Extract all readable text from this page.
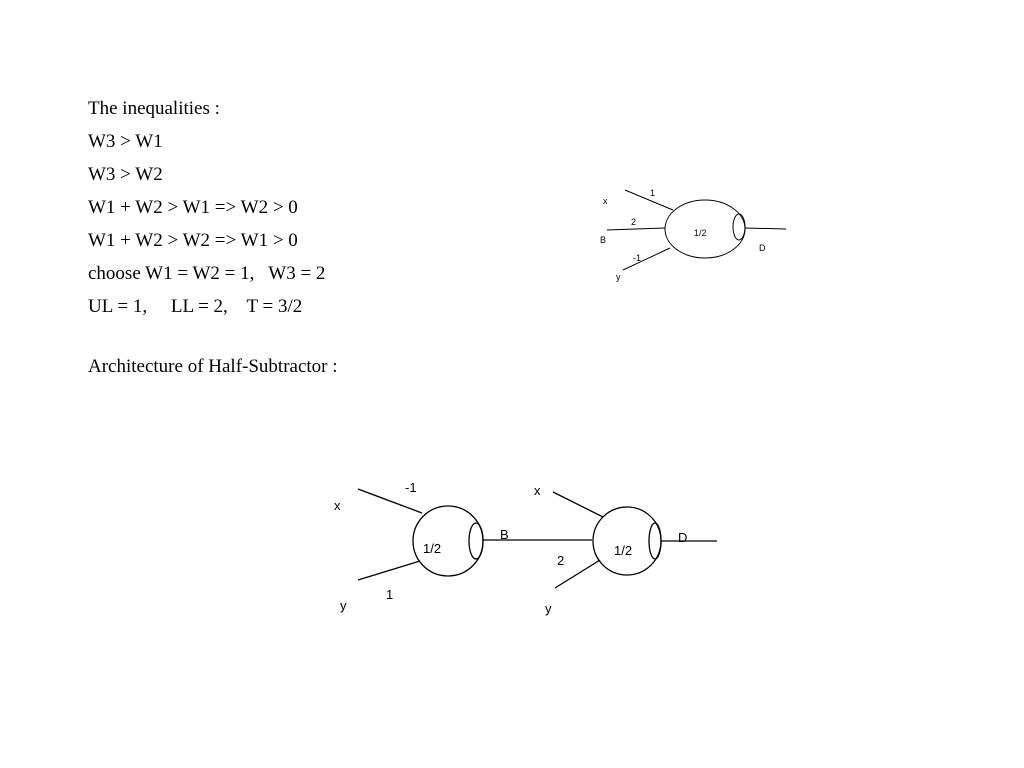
The inequalities :
W3 > W1
W3 > W2
W1 + W2 > W1 => W2 > 0
W1 + W2 > W2 => W1 > 0
choose W1 = W2 = 1,   W3 = 2
UL = 1,     LL = 2,    T = 3/2
Architecture of Half-Subtractor :
x
B
y
1
2
-1
1/2
D
x
y
-1
1
1/2
B
x
y
2
1/2
D
